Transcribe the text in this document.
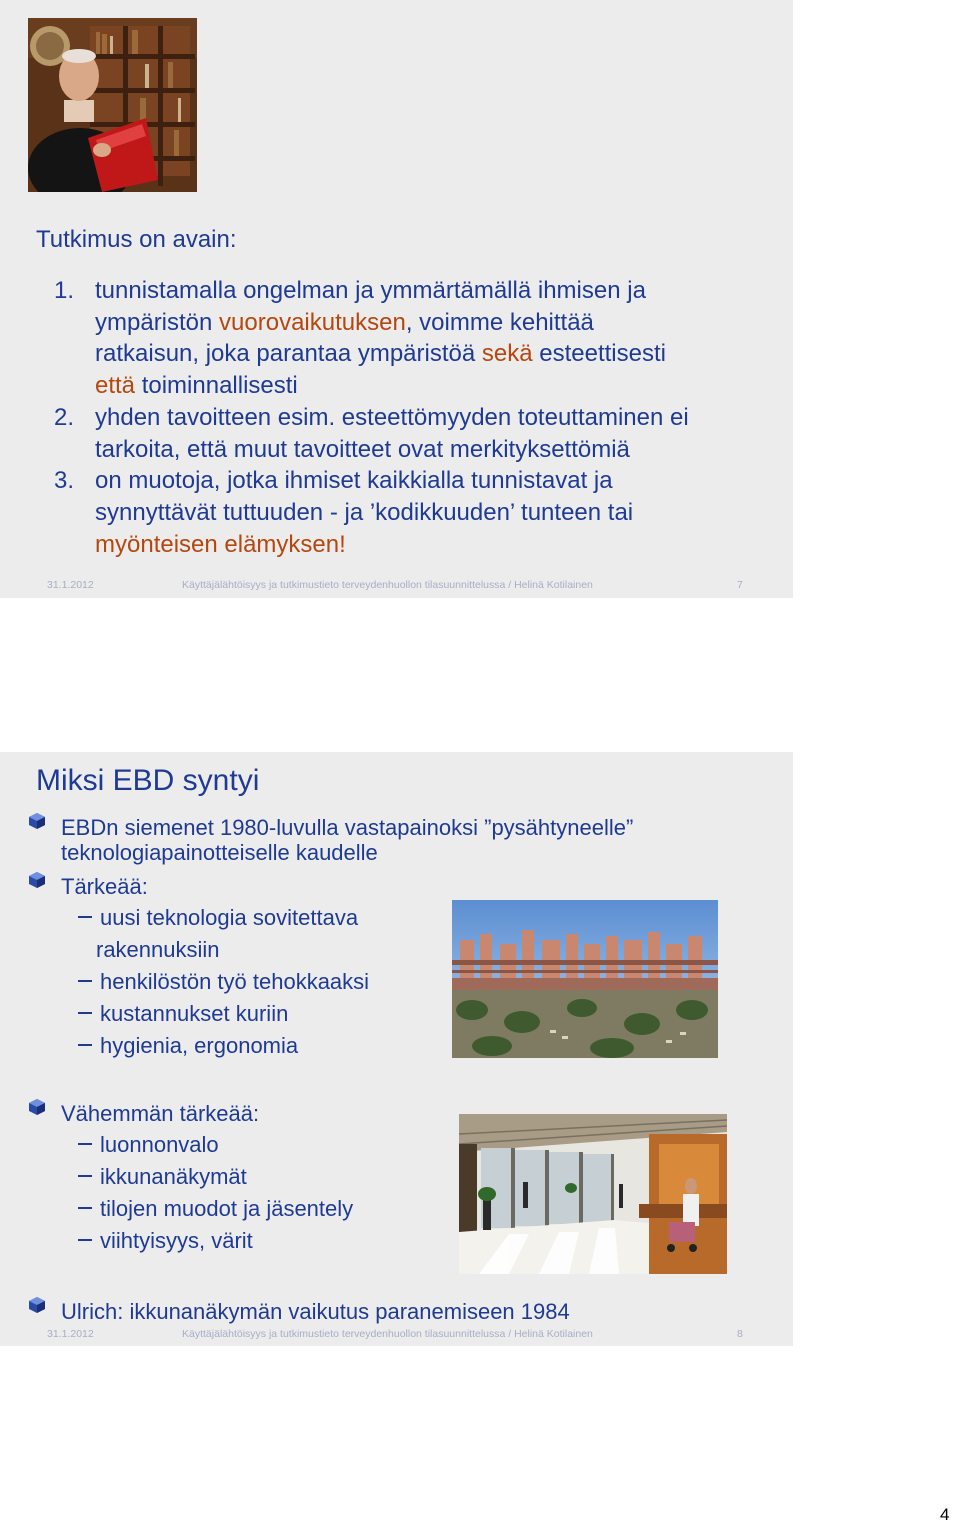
Tutkimus on avain:
1. tunnistamalla ongelman ja ymmärtämällä ihmisen ja
ympäristön vuorovaikutuksen, voimme kehittää
ratkaisun, joka parantaa ympäristöä sekä esteettisesti
että toiminnallisesti
2. yhden tavoitteen esim. esteettömyyden toteuttaminen ei
tarkoita, että muut tavoitteet ovat merkityksettömiä
3. on muotoja, jotka ihmiset kaikkialla tunnistavat ja
synnyttävät tuttuuden - ja ’kodikkuuden’ tunteen tai
myönteisen elämyksen!
31.1.2012	Käyttäjälähtöisyys ja tutkimustieto terveydenhuollon tilasuunnittelussa / Helinä Kotilainen	7
Miksi EBD syntyi
EBDn siemenet 1980-luvulla vastapainoksi ”pysähtyneelle”
teknologiapainotteiselle kaudelle
Tärkeää:
uusi teknologia sovitettava
rakennuksiin
henkilöstön työ tehokkaaksi
kustannukset kuriin
hygienia, ergonomia
Vähemmän tärkeää:
luonnonvalo
ikkunanäkymät
tilojen muodot ja jäsentely
viihtyisyys, värit
Ulrich: ikkunanäkymän vaikutus paranemiseen 1984
31.1.2012	Käyttäjälähtöisyys ja tutkimustieto terveydenhuollon tilasuunnittelussa / Helinä Kotilainen	8
4
